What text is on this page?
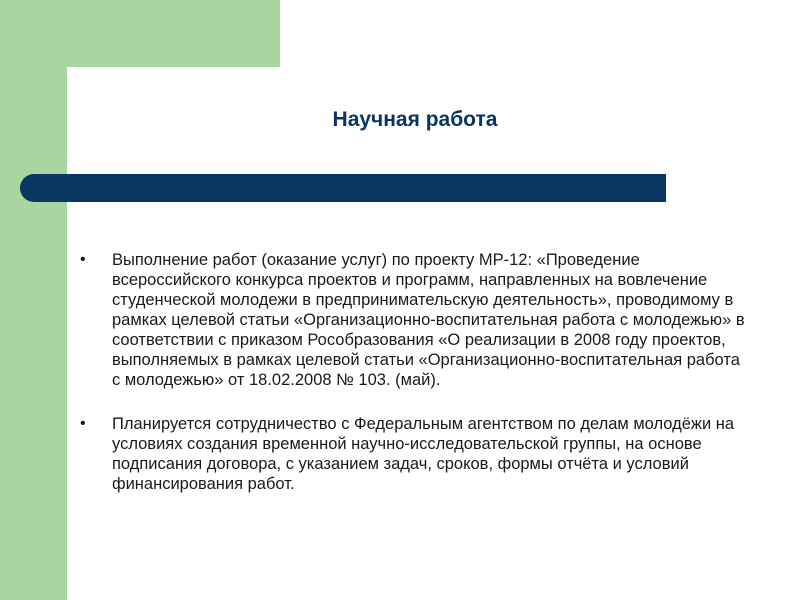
Научная работа
• Выполнение работ (оказание услуг) по проекту МР-12: «Проведение всероссийского конкурса проектов и программ, направленных на вовлечение студенческой молодежи в предпринимательскую деятельность», проводимому в рамках целевой статьи «Организационно-воспитательная работа с молодежью» в соответствии с приказом Рособразования «О реализации в 2008 году проектов, выполняемых в рамках целевой статьи «Организационно-воспитательная работа с молодежью» от 18.02.2008 № 103. (май).
• Планируется сотрудничество с Федеральным агентством по делам молодёжи на условиях создания временной научно-исследовательской группы, на основе подписания договора, с указанием задач, сроков, формы отчёта и условий финансирования работ.
